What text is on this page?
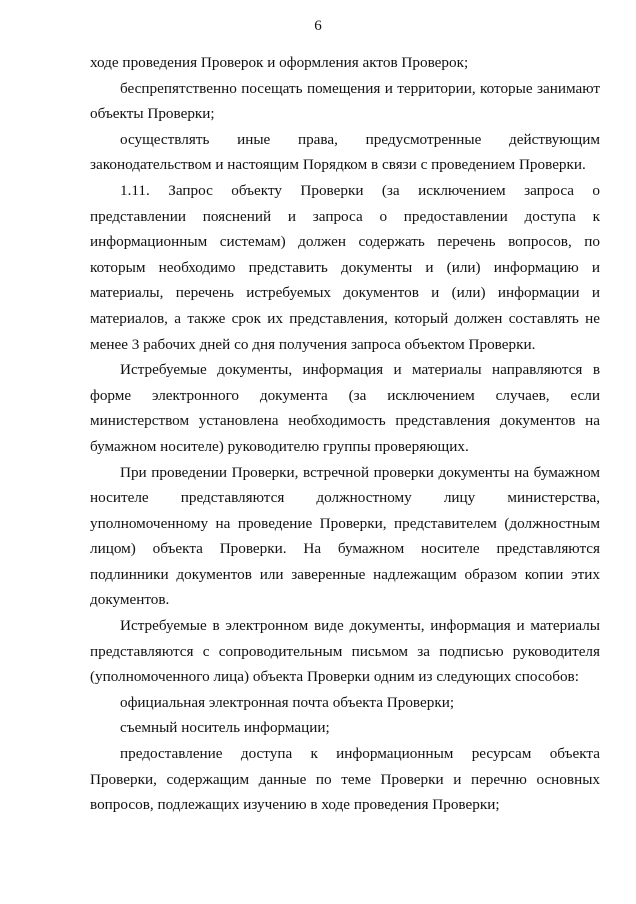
6
ходе проведения Проверок и оформления актов Проверок;
беспрепятственно посещать помещения и территории, которые занимают
объекты Проверки;
осуществлять иные права, предусмотренные действующим
законодательством и настоящим Порядком в связи с проведением Проверки.
1.11. Запрос объекту Проверки (за исключением запроса о
представлении пояснений и запроса о предоставлении доступа к
информационным системам) должен содержать перечень вопросов, по
которым необходимо представить документы и (или) информацию и
материалы, перечень истребуемых документов и (или) информации и
материалов, а также срок их представления, который должен составлять не
менее 3 рабочих дней со дня получения запроса объектом Проверки.
Истребуемые документы, информация и материалы направляются в
форме электронного документа (за исключением случаев, если
министерством установлена необходимость представления документов на
бумажном носителе) руководителю группы проверяющих.
При проведении Проверки, встречной проверки документы на бумажном
носителе представляются должностному лицу министерства,
уполномоченному на проведение Проверки, представителем (должностным
лицом) объекта Проверки. На бумажном носителе представляются
подлинники документов или заверенные надлежащим образом копии этих
документов.
Истребуемые в электронном виде документы, информация и материалы
представляются с сопроводительным письмом за подписью руководителя
(уполномоченного лица) объекта Проверки одним из следующих способов:
официальная электронная почта объекта Проверки;
съемный носитель информации;
предоставление доступа к информационным ресурсам объекта
Проверки, содержащим данные по теме Проверки и перечню основных
вопросов, подлежащих изучению в ходе проведения Проверки;
